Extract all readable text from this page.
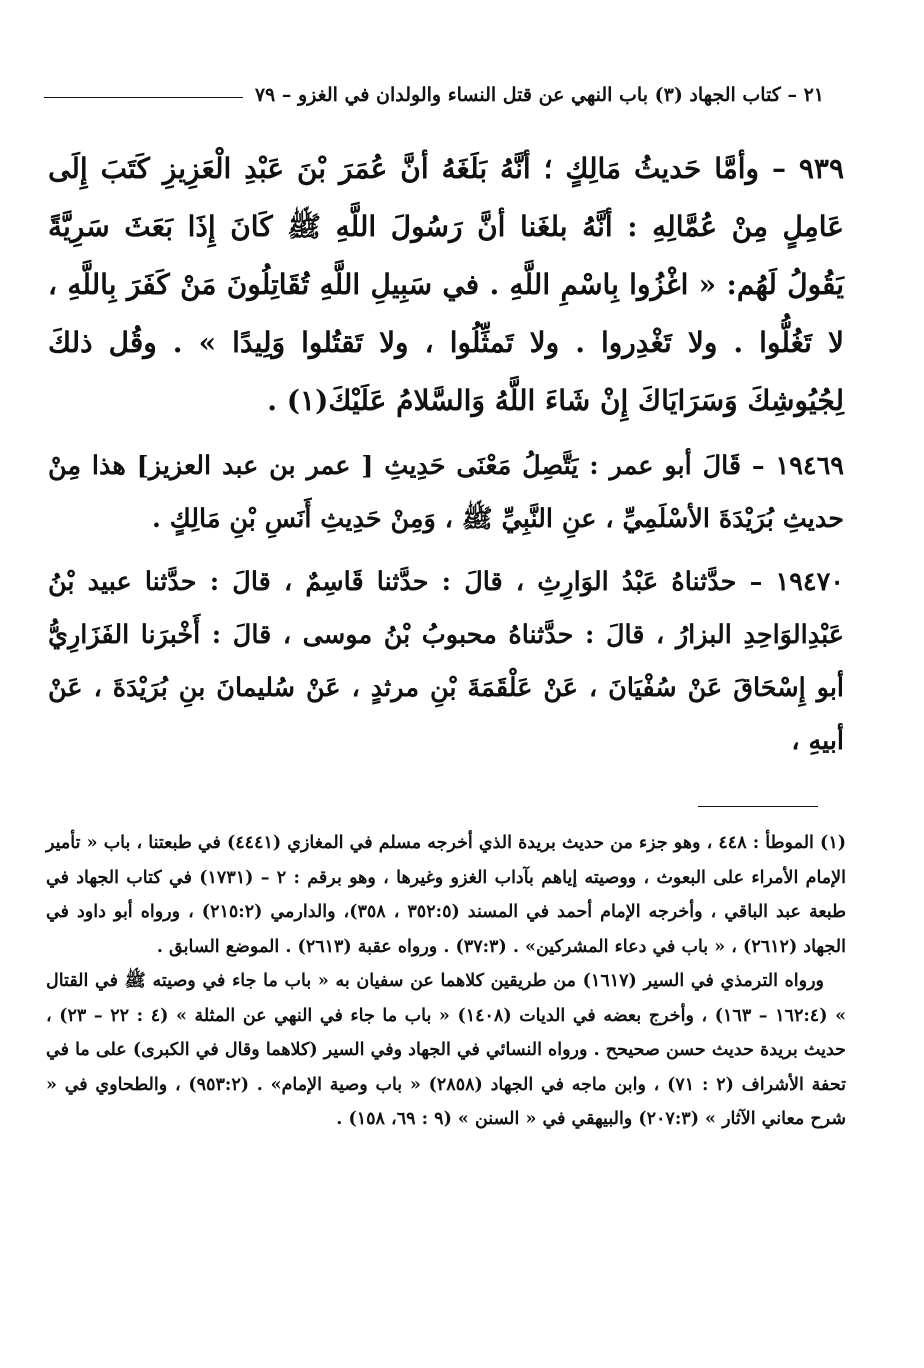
٢١ – كتاب الجهاد (٣) باب النهي عن قتل النساء والولدان في الغزو – ٧٩

٩٣٩ – وأمَّا حَديثُ مَالِكٍ ؛ أنَّهُ بَلَغَهُ أنَّ عُمَرَ بْنَ عَبْدِ الْعَزِيزِ كَتَبَ إِلَى عَامِلٍ مِنْ عُمَّالِهِ : أنَّهُ بلغَنا أنَّ رَسُولَ اللَّهِ ﷺ كَانَ إِذَا بَعَثَ سَرِيَّةً يَقُولُ لَهُم: « اغْزُوا بِاسْمِ اللَّهِ . في سَبِيلِ اللَّهِ تُقَاتِلُونَ مَنْ كَفَرَ بِاللَّهِ ، لا تَغُلُّوا . ولا تَغْدِروا . ولا تَمثِّلُوا ، ولا تَقتُلوا وَلِيدًا » . وقُل ذلكَ لِجُيُوشِكَ وَسَرَايَاكَ إِنْ شَاءَ اللَّهُ وَالسَّلامُ عَلَيْكَ(١) .

١٩٤٦٩ – قَالَ أبو عمر : يَتَّصِلُ مَعْنَى حَدِيثِ [ عمر بن عبد العزيز] هذا مِنْ حديثِ بُرَيْدَةَ الأسْلَمِيِّ ، عنِ النَّبِيِّ ﷺ ، وَمِنْ حَدِيثِ أَنَسِ بْنِ مَالِكٍ .

١٩٤٧٠ – حدَّثناهُ عَبْدُ الوَارِثِ ، قالَ : حدَّثنا قَاسِمٌ ، قالَ : حدَّثنا عبيد بْنُ عَبْدِالوَاحِدِ البزارُ ، قالَ : حدَّثناهُ محبوبُ بْنُ موسى ، قالَ : أَخْبرَنا الفَزَارِيُّ أبو إِسْحَاقَ عَنْ سُفْيَانَ ، عَنْ عَلْقَمَةَ بْنِ مرثدٍ ، عَنْ سُليمانَ بنِ بُرَيْدَةَ ، عَنْ أبيهِ ،

(١) الموطأ : ٤٤٨ ، وهو جزء من حديث بريدة الذي أخرجه مسلم في المغازي (٤٤٤١) في طبعتنا ، باب « تأمير الإمام الأمراء على البعوث ، ووصيته إياهم بآداب الغزو وغيرها ، وهو برقم : ٢ – (١٧٣١) في كتاب الجهاد في طبعة عبد الباقي ، وأخرجه الإمام أحمد في المسند (٣٥٢:٥ ، ٣٥٨)، والدارمي (٢١٥:٢) ، ورواه أبو داود في الجهاد (٢٦١٢) ، « باب في دعاء المشركين» . (٣٧:٣) . ورواه عقبة (٢٦١٣) . الموضع السابق .

ورواه الترمذي في السير (١٦١٧) من طريقين كلاهما عن سفيان به « باب ما جاء في وصيته ﷺ في القتال » (١٦٢:٤ – ١٦٣) ، وأخرج بعضه في الديات (١٤٠٨) « باب ما جاء في النهي عن المثلة » (٤ : ٢٢ – ٢٣) ، حديث بريدة حديث حسن صحيحح . ورواه النسائي في الجهاد وفي السير (كلاهما وقال في الكبرى) على ما في تحفة الأشراف (٢ : ٧١) ، وابن ماجه في الجهاد (٢٨٥٨) « باب وصية الإمام» . (٩٥٣:٢) ، والطحاوي في « شرح معاني الآثار » (٢٠٧:٣) والبيهقي في « السنن » (٩ : ٦٩، ١٥٨) .
